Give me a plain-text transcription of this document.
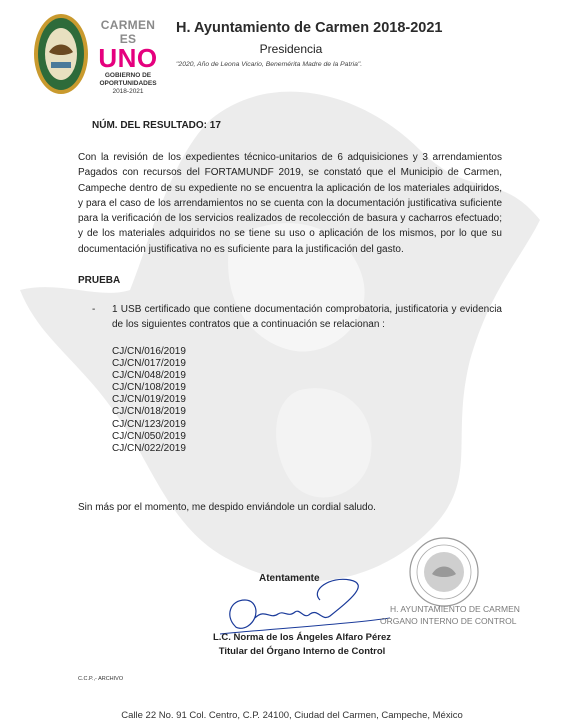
CARMEN ES
UNO
GOBIERNO DE OPORTUNIDADES
2018-2021
H. Ayuntamiento de Carmen 2018-2021
Presidencia
"2020, Año de Leona Vicario, Benemérita Madre de la Patria".
NÚM. DEL RESULTADO: 17
Con la revisión de los expedientes técnico-unitarios de 6 adquisiciones y 3 arrendamientos Pagados con recursos del FORTAMUNDF 2019, se constató que el Municipio de Carmen, Campeche dentro de su expediente no se encuentra la aplicación de los materiales adquiridos, y para el caso de los arrendamientos no se cuenta con la documentación justificativa suficiente para la verificación de los servicios realizados de recolección de basura y cacharros efectuado; y de los materiales adquiridos no se tiene su uso o aplicación de los mismos, por lo que su documentación justificativa no es suficiente para la justificación del gasto.
PRUEBA
- 1 USB certificado que contiene documentación comprobatoria, justificatoria y evidencia de los siguientes contratos que a continuación se relacionan :
CJ/CN/016/2019
CJ/CN/017/2019
CJ/CN/048/2019
CJ/CN/108/2019
CJ/CN/019/2019
CJ/CN/018/2019
CJ/CN/123/2019
CJ/CN/050/2019
CJ/CN/022/2019
Sin más por el momento, me despido enviándole un cordial saludo.
Atentamente
L.C. Norma de los Ángeles Alfaro Pérez
Titular del Órgano Interno de Control
H. AYUNTAMIENTO DE CARMEN
ORGANO INTERNO DE CONTROL
C.C.P.,- ARCHIVO
Calle 22 No. 91 Col. Centro, C.P. 24100, Ciudad del Carmen, Campeche, México
